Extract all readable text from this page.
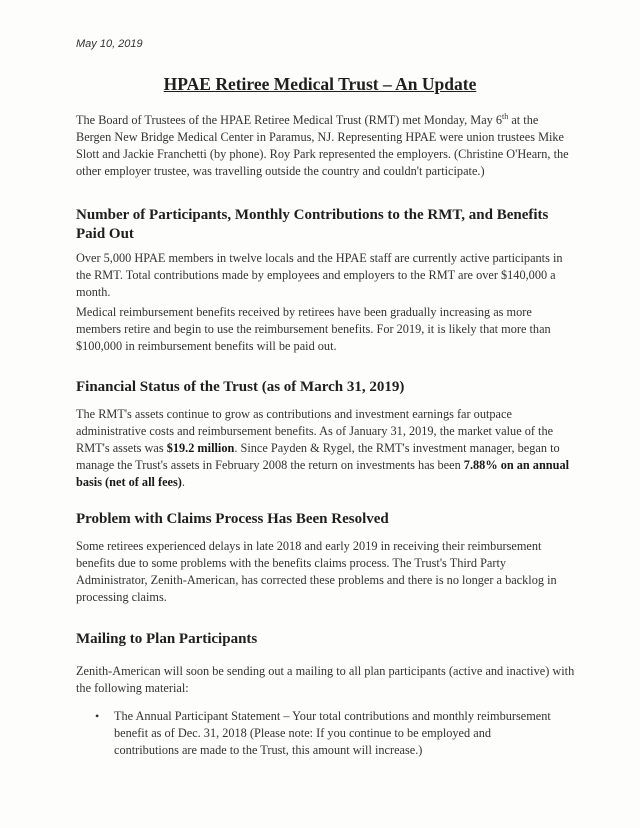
May 10, 2019
HPAE Retiree Medical Trust – An Update

The Board of Trustees of the HPAE Retiree Medical Trust (RMT) met Monday, May 6th at the Bergen New Bridge Medical Center in Paramus, NJ. Representing HPAE were union trustees Mike Slott and Jackie Franchetti (by phone). Roy Park represented the employers. (Christine O'Hearn, the other employer trustee, was travelling outside the country and couldn't participate.)

Number of Participants, Monthly Contributions to the RMT, and Benefits Paid Out

Over 5,000 HPAE members in twelve locals and the HPAE staff are currently active participants in the RMT. Total contributions made by employees and employers to the RMT are over $140,000 a month.

Medical reimbursement benefits received by retirees have been gradually increasing as more members retire and begin to use the reimbursement benefits. For 2019, it is likely that more than $100,000 in reimbursement benefits will be paid out.

Financial Status of the Trust (as of March 31, 2019)

The RMT's assets continue to grow as contributions and investment earnings far outpace administrative costs and reimbursement benefits. As of January 31, 2019, the market value of the RMT's assets was $19.2 million. Since Payden & Rygel, the RMT's investment manager, began to manage the Trust's assets in February 2008 the return on investments has been 7.88% on an annual basis (net of all fees).

Problem with Claims Process Has Been Resolved

Some retirees experienced delays in late 2018 and early 2019 in receiving their reimbursement benefits due to some problems with the benefits claims process. The Trust's Third Party Administrator, Zenith-American, has corrected these problems and there is no longer a backlog in processing claims.

Mailing to Plan Participants

Zenith-American will soon be sending out a mailing to all plan participants (active and inactive) with the following material:

• The Annual Participant Statement – Your total contributions and monthly reimbursement benefit as of Dec. 31, 2018 (Please note: If you continue to be employed and contributions are made to the Trust, this amount will increase.)
